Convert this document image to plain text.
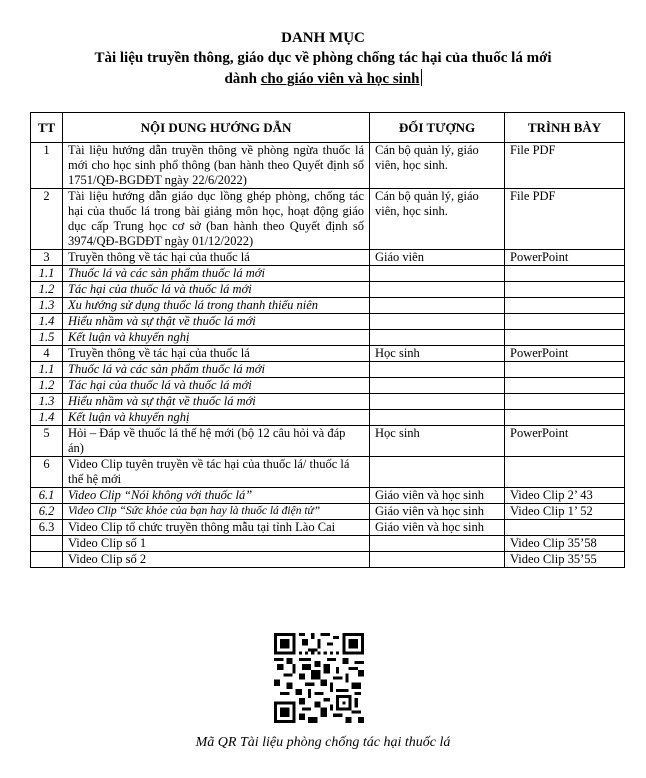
DANH MỤC
Tài liệu truyền thông, giáo dục về phòng chống tác hại của thuốc lá mới
dành cho giáo viên và học sinh
TT	NỘI DUNG HƯỚNG DẪN	ĐỐI TƯỢNG	TRÌNH BÀY
1	Tài liệu hướng dẫn truyền thông về phòng ngừa thuốc lá mới cho học sinh phổ thông (ban hành theo Quyết định số 1751/QĐ-BGDĐT ngày 22/6/2022)	Cán bộ quản lý, giáo viên, học sinh.	File PDF
2	Tài liệu hướng dẫn giáo dục lồng ghép phòng, chống tác hại của thuốc lá trong bài giảng môn học, hoạt động giáo dục cấp Trung học cơ sở (ban hành theo Quyết định số 3974/QĐ-BGDĐT ngày 01/12/2022)	Cán bộ quản lý, giáo viên, học sinh.	File PDF
3	Truyền thông về tác hại của thuốc lá	Giáo viên	PowerPoint
1.1	Thuốc lá và các sản phẩm thuốc lá mới		
1.2	Tác hại của thuốc lá và thuốc lá mới		
1.3	Xu hướng sử dụng thuốc lá trong thanh thiếu niên		
1.4	Hiểu nhầm và sự thật về thuốc lá mới		
1.5	Kết luận và khuyến nghị		
4	Truyền thông về tác hại của thuốc lá	Học sinh	PowerPoint
1.1	Thuốc lá và các sản phẩm thuốc lá mới		
1.2	Tác hại của thuốc lá và thuốc lá mới		
1.3	Hiểu nhầm và sự thật về thuốc lá mới		
1.4	Kết luận và khuyến nghị		
5	Hỏi – Đáp về thuốc lá thế hệ mới (bộ 12 câu hỏi và đáp án)	Học sinh	PowerPoint
6	Video Clip tuyên truyền về tác hại của thuốc lá/ thuốc lá thế hệ mới		
6.1	Video Clip “Nói không với thuốc lá”	Giáo viên và học sinh	Video Clip 2’ 43
6.2	Video Clip “Sức khỏe của bạn hay là thuốc lá điện tử”	Giáo viên và học sinh	Video Clip 1’ 52
6.3	Video Clip tổ chức truyền thông mẫu tại tỉnh Lào Cai	Giáo viên và học sinh	
	Video Clip số 1		Video Clip 35’58
	Video Clip số 2		Video Clip 35’55
Mã QR Tài liệu phòng chống tác hại thuốc lá
